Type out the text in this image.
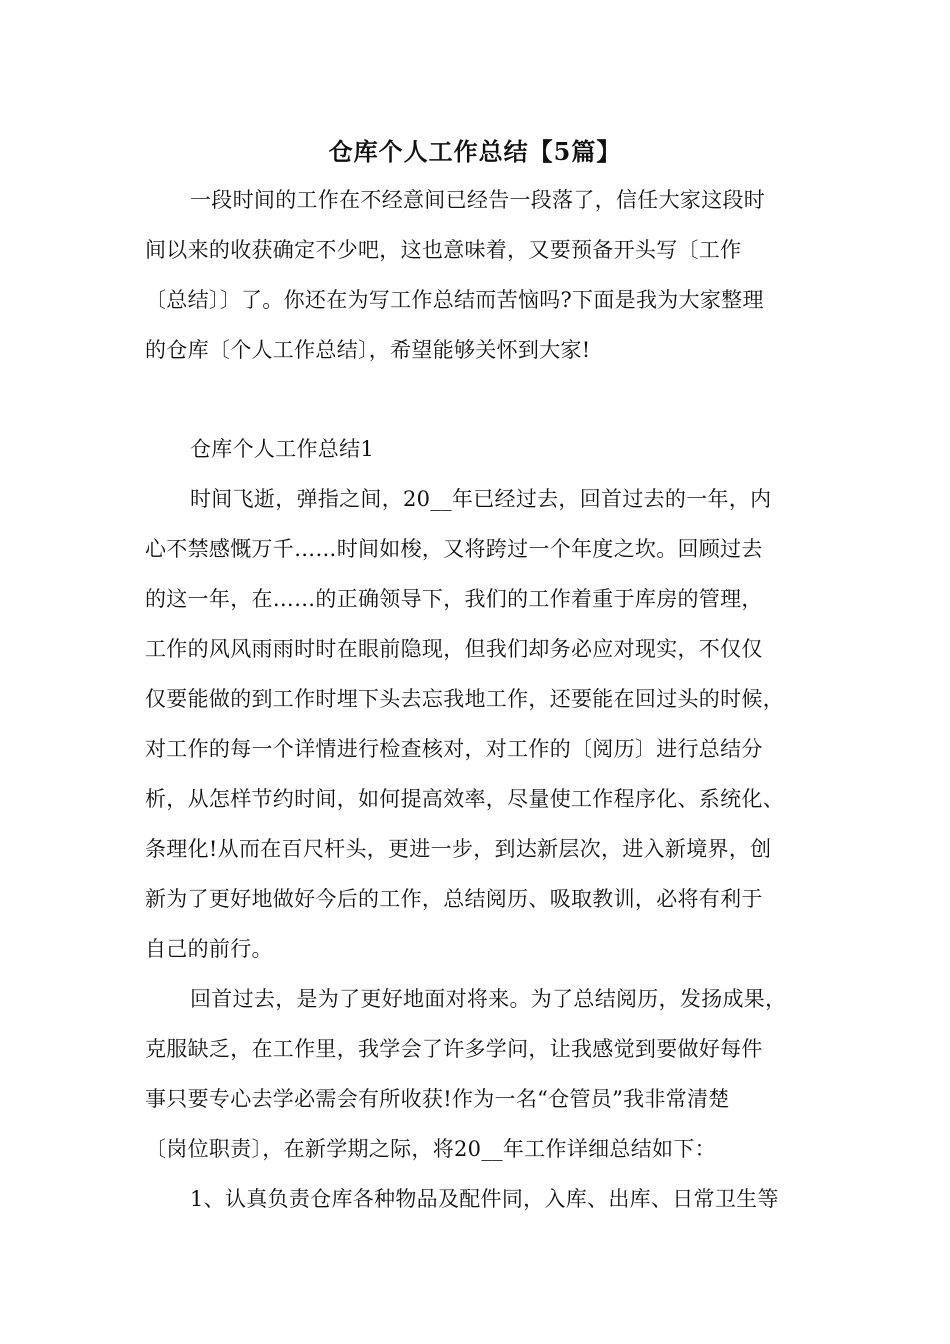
仓库个人工作总结【5篇】
一段时间的工作在不经意间已经告一段落了，信任大家这段时
间以来的收获确定不少吧，这也意味着，又要预备开头写〔工作
〔总结〕〕了。你还在为写工作总结而苦恼吗?下面是我为大家整理
的仓库〔个人工作总结〕，希望能够关怀到大家!
仓库个人工作总结1
时间飞逝，弹指之间，20__年已经过去，回首过去的一年，内
心不禁感慨万千……时间如梭，又将跨过一个年度之坎。回顾过去
的这一年，在……的正确领导下，我们的工作着重于库房的管理，
工作的风风雨雨时时在眼前隐现，但我们却务必应对现实，不仅仅
仅要能做的到工作时埋下头去忘我地工作，还要能在回过头的时候，
对工作的每一个详情进行检查核对，对工作的〔阅历〕进行总结分
析，从怎样节约时间，如何提高效率，尽量使工作程序化、系统化、
条理化!从而在百尺杆头，更进一步，到达新层次，进入新境界，创
新为了更好地做好今后的工作，总结阅历、吸取教训，必将有利于
自己的前行。
回首过去，是为了更好地面对将来。为了总结阅历，发扬成果，
克服缺乏，在工作里，我学会了许多学问，让我感觉到要做好每件
事只要专心去学必需会有所收获!作为一名“仓管员”我非常清楚
〔岗位职责〕，在新学期之际，将20__年工作详细总结如下：
1、认真负责仓库各种物品及配件同，入库、出库、日常卫生等
